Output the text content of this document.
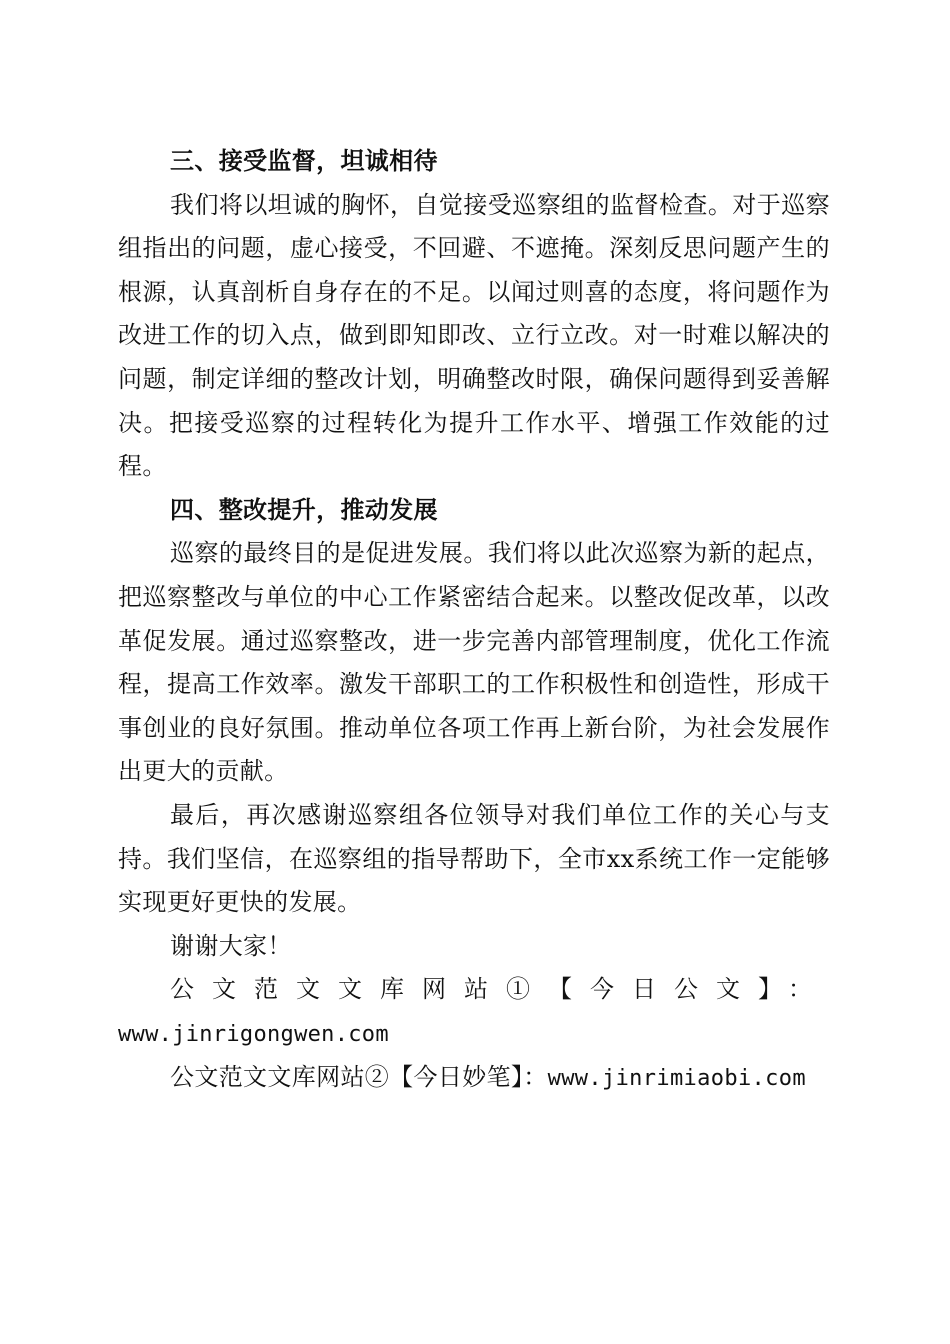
三、接受监督，坦诚相待

我们将以坦诚的胸怀，自觉接受巡察组的监督检查。对于巡察组指出的问题，虚心接受，不回避、不遮掩。深刻反思问题产生的根源，认真剖析自身存在的不足。以闻过则喜的态度，将问题作为改进工作的切入点，做到即知即改、立行立改。对一时难以解决的问题，制定详细的整改计划，明确整改时限，确保问题得到妥善解决。把接受巡察的过程转化为提升工作水平、增强工作效能的过程。

四、整改提升，推动发展

巡察的最终目的是促进发展。我们将以此次巡察为新的起点，把巡察整改与单位的中心工作紧密结合起来。以整改促改革，以改革促发展。通过巡察整改，进一步完善内部管理制度，优化工作流程，提高工作效率。激发干部职工的工作积极性和创造性，形成干事创业的良好氛围。推动单位各项工作再上新台阶，为社会发展作出更大的贡献。

最后，再次感谢巡察组各位领导对我们单位工作的关心与支持。我们坚信，在巡察组的指导帮助下，全市xx系统工作一定能够实现更好更快的发展。

谢谢大家！

公文范文文库网站①【今日公文】：www.jinrigongwen.com

公文范文文库网站②【今日妙笔】：www.jinrimiaobi.com
